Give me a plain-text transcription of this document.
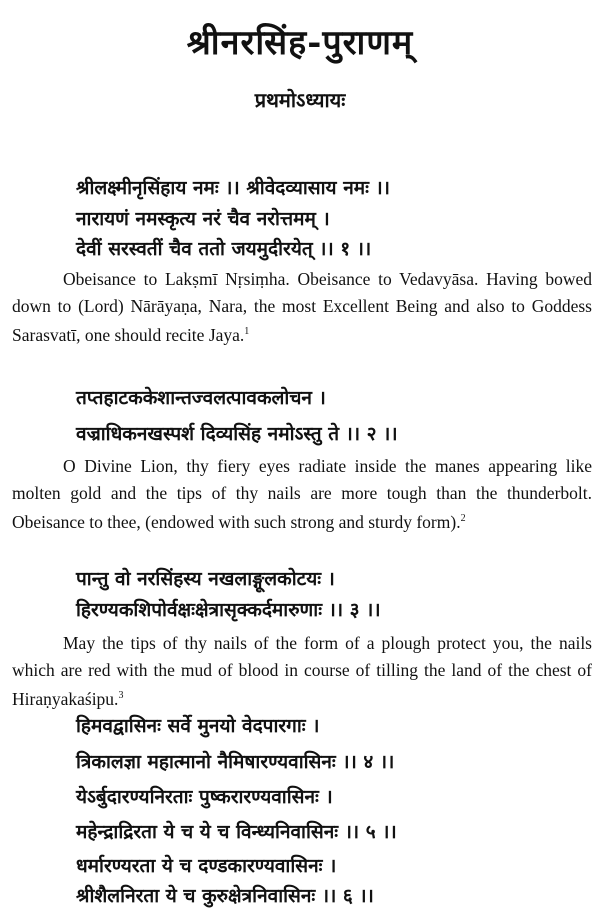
श्रीनरसिंह-पुराणम्
प्रथमोऽध्यायः
श्रीलक्ष्मीनृसिंहाय नमः ।। श्रीवेदव्यासाय नमः ।।
नारायणं नमस्कृत्य नरं चैव नरोत्तमम् ।
देवीं सरस्वतीं चैव ततो जयमुदीरयेत् ।। १ ।।
Obeisance to Lakṣmī Nṛsiṃha. Obeisance to Vedavyāsa. Having bowed down to (Lord) Nārāyaṇa, Nara, the most Excellent Being and also to Goddess Sarasvatī, one should recite Jaya.$^1$
तप्तहाटककेशान्तज्वलत्पावकलोचन ।
वज्राधिकनखस्पर्श दिव्यसिंह नमोऽस्तु ते ।। २ ।।
O Divine Lion, thy fiery eyes radiate inside the manes appearing like molten gold and the tips of thy nails are more tough than the thunderbolt. Obeisance to thee, (endowed with such strong and sturdy form).$^2$
पान्तु वो नरसिंहस्य नखलाङ्गूलकोटयः ।
हिरण्यकशिपोर्वक्षःक्षेत्रासृक्कर्दमारुणाः ।। ३ ।।
May the tips of thy nails of the form of a plough protect you, the nails which are red with the mud of blood in course of tilling the land of the chest of Hiraṇyakaśipu.$^3$
हिमवद्वासिनः सर्वे मुनयो वेदपारगाः ।
त्रिकालज्ञा महात्मानो नैमिषारण्यवासिनः ।। ४ ।।
येऽर्बुदारण्यनिरताः पुष्करारण्यवासिनः ।
महेन्द्राद्रिरता ये च ये च विन्ध्यनिवासिनः ।। ५ ।।
धर्मारण्यरता ये च दण्डकारण्यवासिनः ।
श्रीशैलनिरता ये च कुरुक्षेत्रनिवासिनः ।। ६ ।।
